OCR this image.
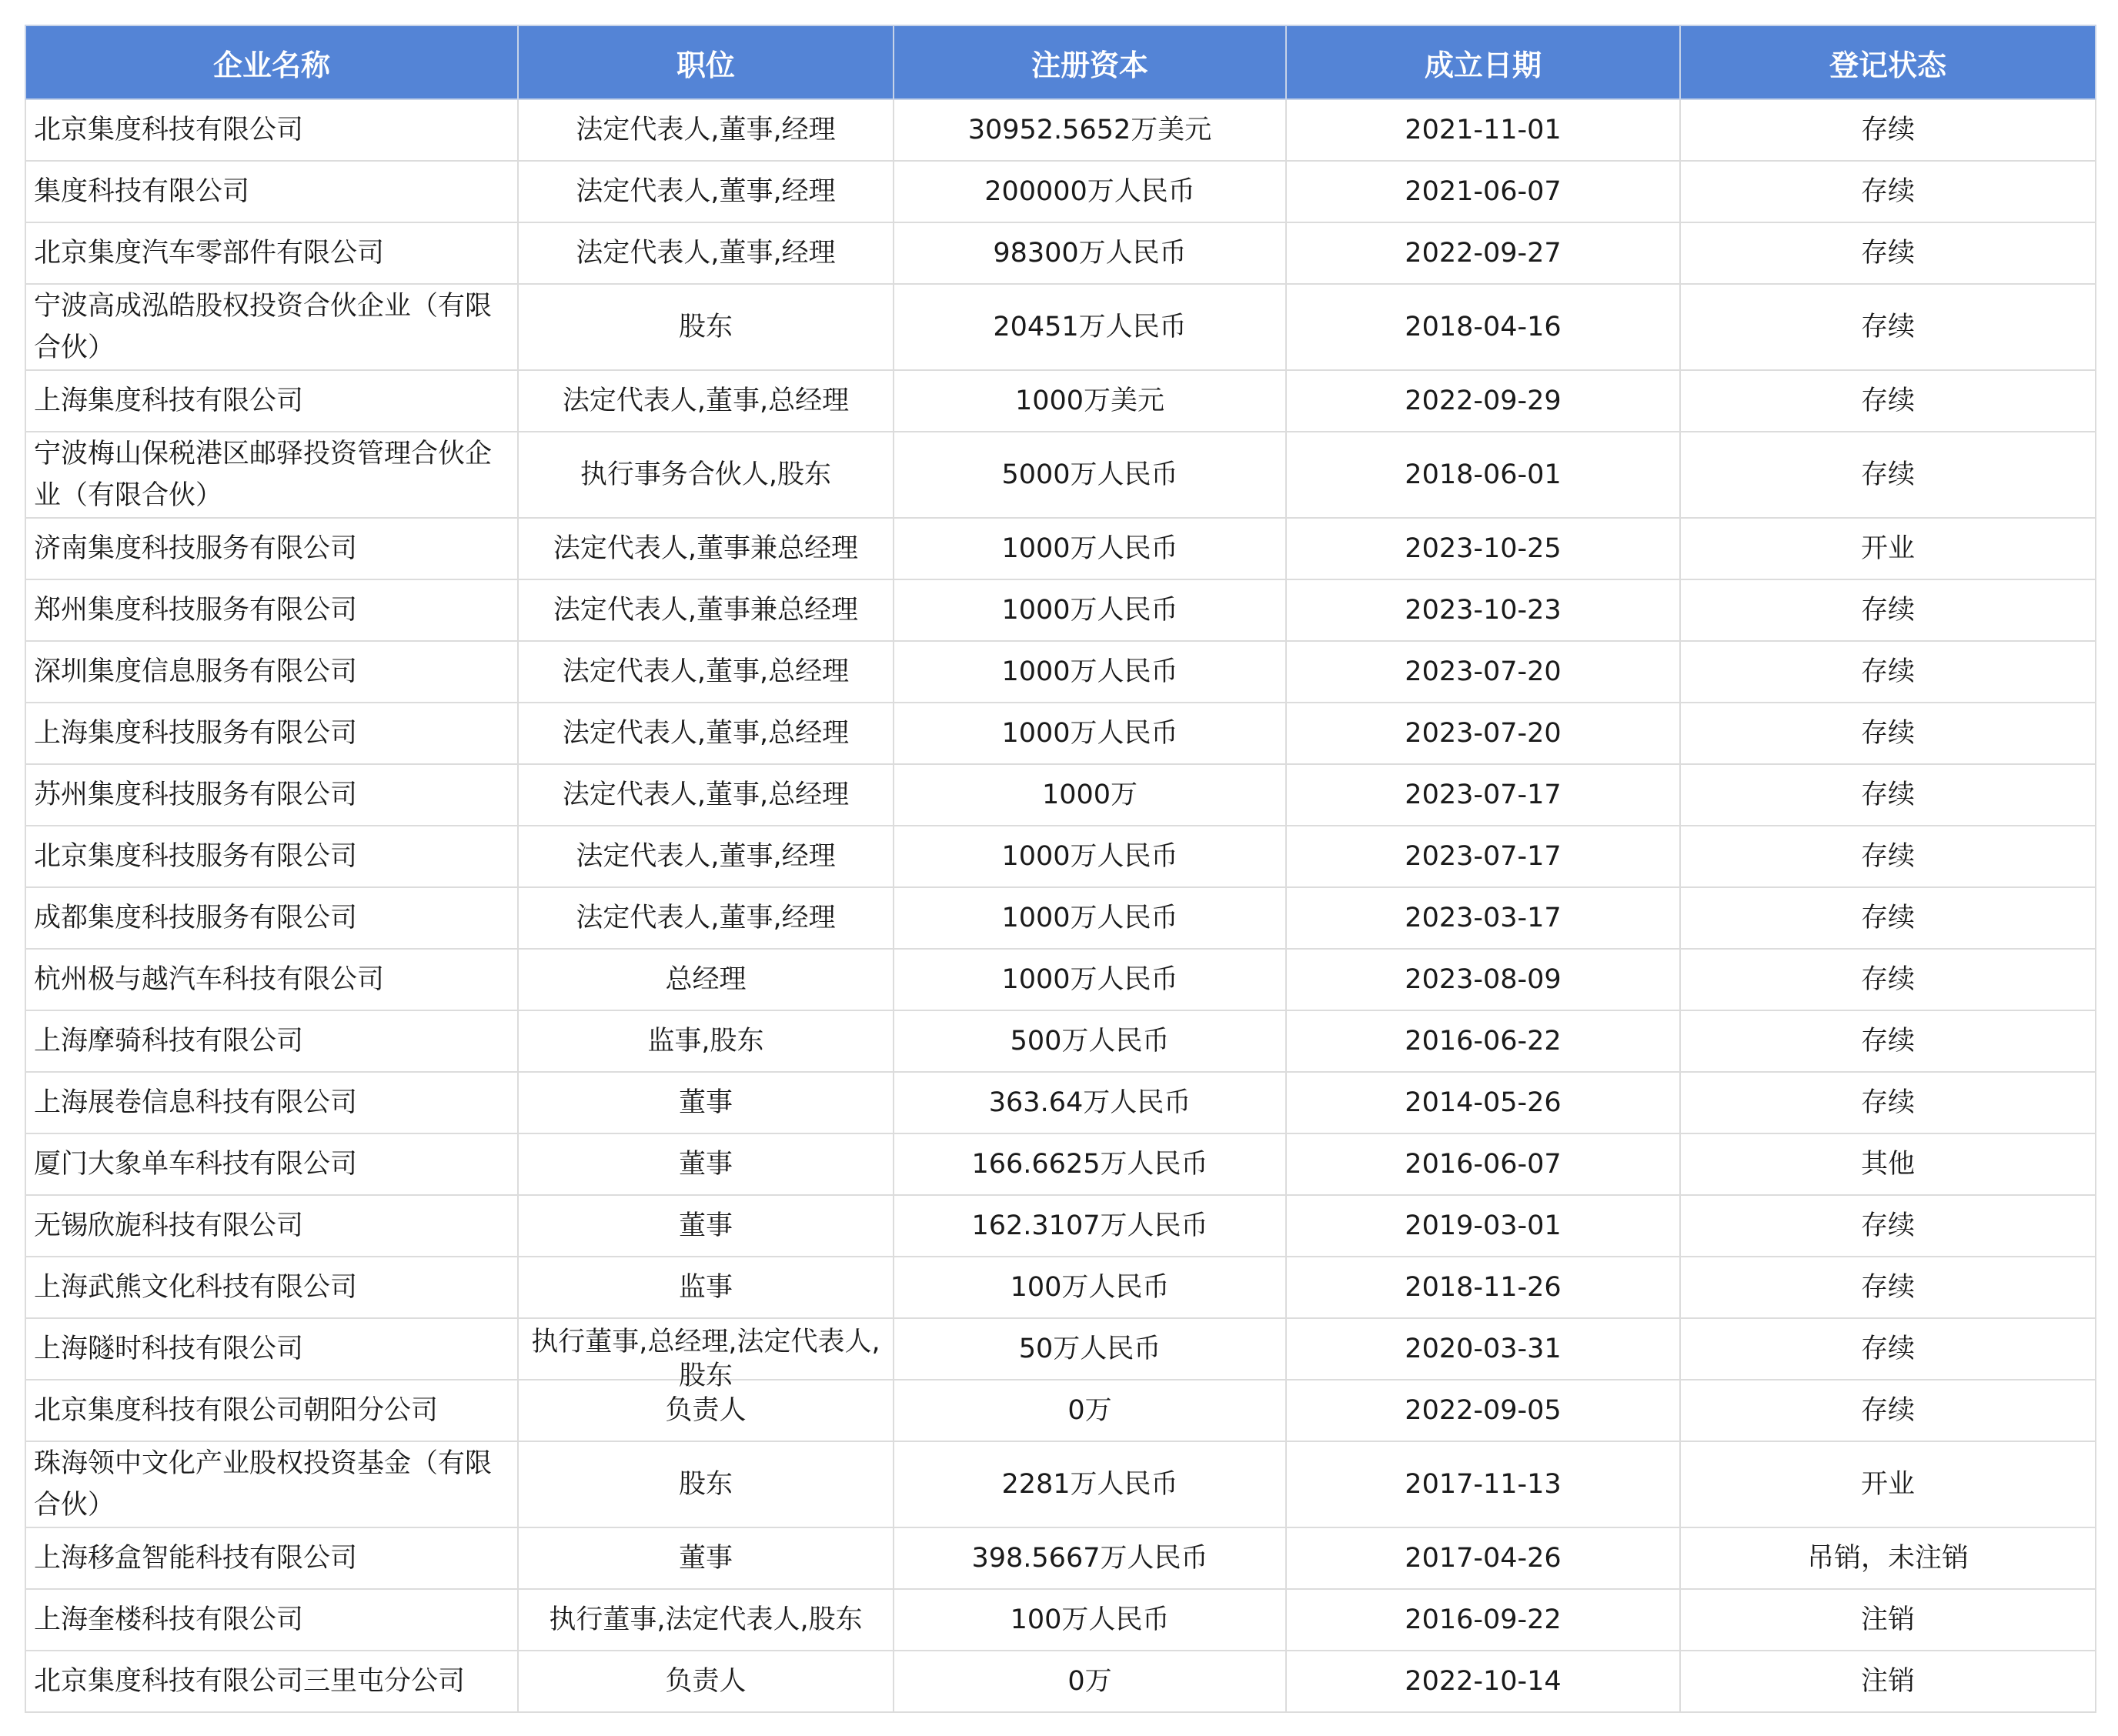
企业名称	职位	注册资本	成立日期	登记状态
北京集度科技有限公司	法定代表人,董事,经理	30952.5652万美元	2021-11-01	存续
集度科技有限公司	法定代表人,董事,经理	200000万人民币	2021-06-07	存续
北京集度汽车零部件有限公司	法定代表人,董事,经理	98300万人民币	2022-09-27	存续
宁波高成泓皓股权投资合伙企业（有限合伙）	股东	20451万人民币	2018-04-16	存续
上海集度科技有限公司	法定代表人,董事,总经理	1000万美元	2022-09-29	存续
宁波梅山保税港区邮驿投资管理合伙企业（有限合伙）	执行事务合伙人,股东	5000万人民币	2018-06-01	存续
济南集度科技服务有限公司	法定代表人,董事兼总经理	1000万人民币	2023-10-25	开业
郑州集度科技服务有限公司	法定代表人,董事兼总经理	1000万人民币	2023-10-23	存续
深圳集度信息服务有限公司	法定代表人,董事,总经理	1000万人民币	2023-07-20	存续
上海集度科技服务有限公司	法定代表人,董事,总经理	1000万人民币	2023-07-20	存续
苏州集度科技服务有限公司	法定代表人,董事,总经理	1000万	2023-07-17	存续
北京集度科技服务有限公司	法定代表人,董事,经理	1000万人民币	2023-07-17	存续
成都集度科技服务有限公司	法定代表人,董事,经理	1000万人民币	2023-03-17	存续
杭州极与越汽车科技有限公司	总经理	1000万人民币	2023-08-09	存续
上海摩骑科技有限公司	监事,股东	500万人民币	2016-06-22	存续
上海展卷信息科技有限公司	董事	363.64万人民币	2014-05-26	存续
厦门大象单车科技有限公司	董事	166.6625万人民币	2016-06-07	其他
无锡欣旎科技有限公司	董事	162.3107万人民币	2019-03-01	存续
上海武熊文化科技有限公司	监事	100万人民币	2018-11-26	存续
上海隧时科技有限公司	执行董事,总经理,法定代表人,股东	50万人民币	2020-03-31	存续
北京集度科技有限公司朝阳分公司	负责人	0万	2022-09-05	存续
珠海领中文化产业股权投资基金（有限合伙）	股东	2281万人民币	2017-11-13	开业
上海移盒智能科技有限公司	董事	398.5667万人民币	2017-04-26	吊销，未注销
上海奎楼科技有限公司	执行董事,法定代表人,股东	100万人民币	2016-09-22	注销
北京集度科技有限公司三里屯分公司	负责人	0万	2022-10-14	注销
